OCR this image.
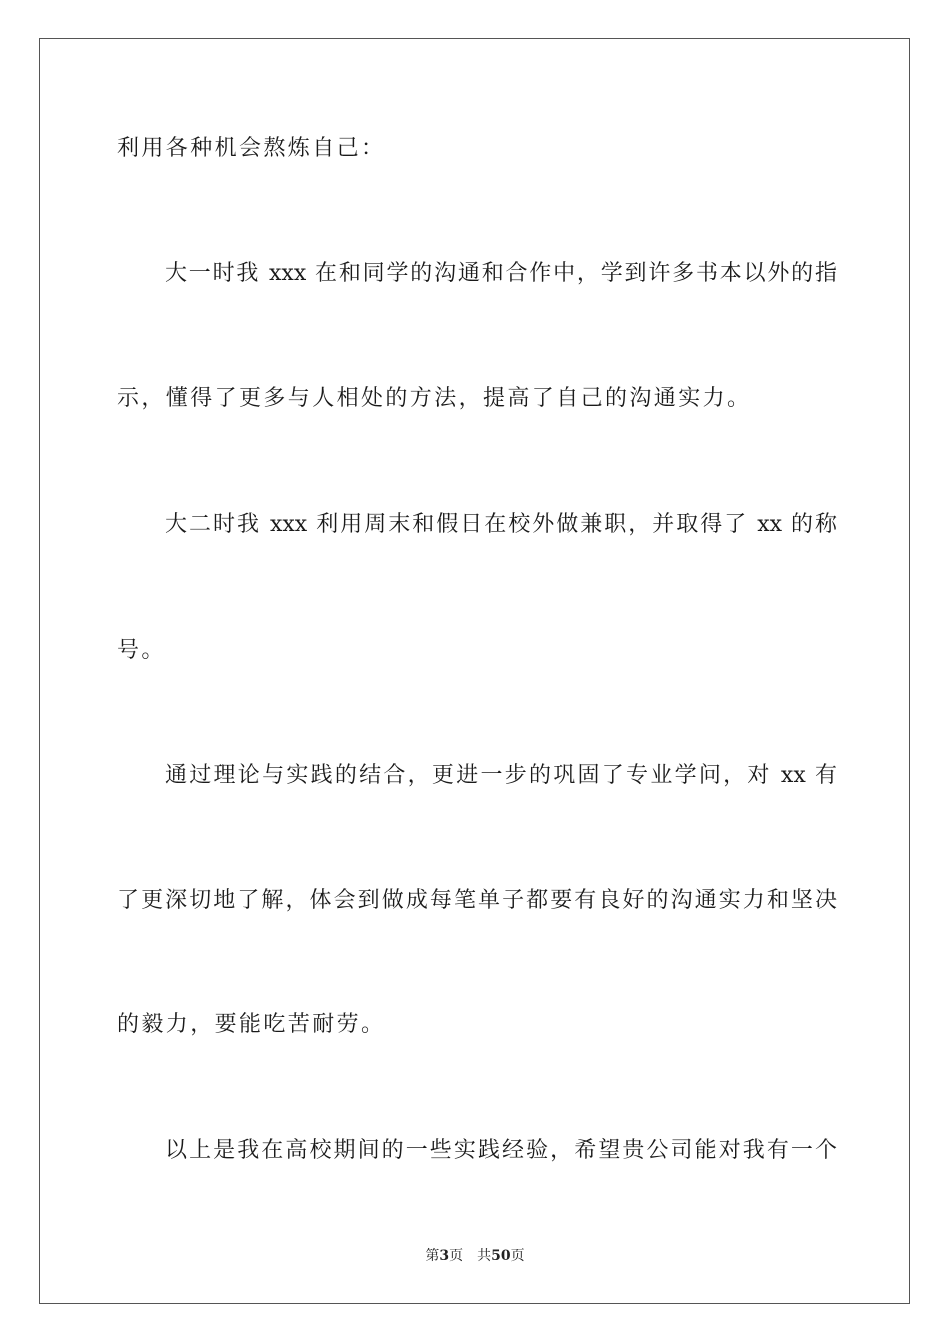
利用各种机会熬炼自己：
大一时我 xxx 在和同学的沟通和合作中，学到许多书本以外的指
示，懂得了更多与人相处的方法，提高了自己的沟通实力。
大二时我 xxx 利用周末和假日在校外做兼职，并取得了 xx 的称
号。
通过理论与实践的结合，更进一步的巩固了专业学问，对 xx 有
了更深切地了解，体会到做成每笔单子都要有良好的沟通实力和坚决
的毅力，要能吃苦耐劳。
以上是我在高校期间的一些实践经验，希望贵公司能对我有一个
第3页 共50页
